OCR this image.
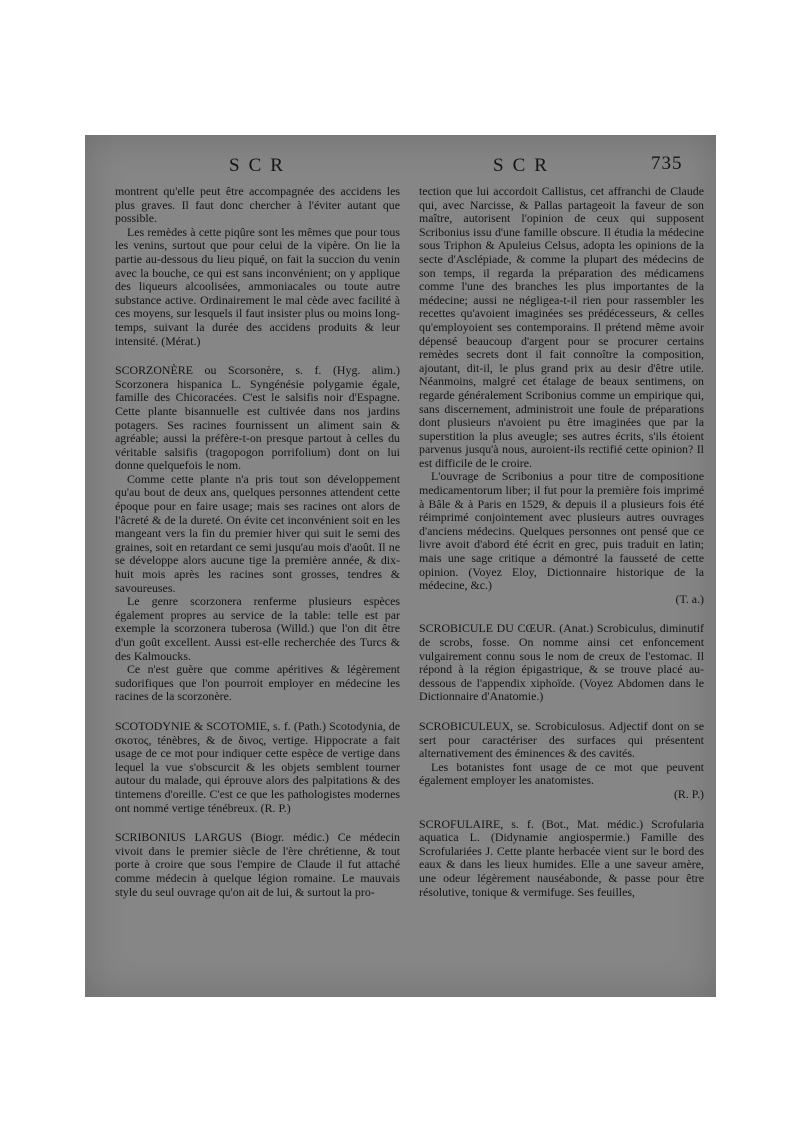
SCR	SCR	735

montrent qu'elle peut être accompagnée des accidens les plus graves. Il faut donc chercher à l'éviter autant que possible.

Les remèdes à cette piqûre sont les mêmes que pour tous les venins, surtout que pour celui de la vipère. On lie la partie au-dessous du lieu piqué, on fait la succion du venin avec la bouche, ce qui est sans inconvénient; on y applique des liqueurs alcoolisées, ammoniacales ou toute autre substance active. Ordinairement le mal cède avec facilité à ces moyens, sur lesquels il faut insister plus ou moins long-temps, suivant la durée des accidens produits & leur intensité. (Mérat.)

SCORZONÈRE ou Scorsonère, s. f. (Hyg. alim.) Scorzonera hispanica L. Syngénésie polygamie égale, famille des Chicoracées. C'est le salsifis noir d'Espagne. Cette plante bisannuelle est cultivée dans nos jardins potagers. Ses racines fournissent un aliment sain & agréable; aussi la préfère-t-on presque partout à celles du véritable salsifis (tragopogon porrifolium) dont on lui donne quelquefois le nom.

Comme cette plante n'a pris tout son développement qu'au bout de deux ans, quelques personnes attendent cette époque pour en faire usage; mais ses racines ont alors de l'âcreté & de la dureté. On évite cet inconvénient soit en les mangeant vers la fin du premier hiver qui suit le semi des graines, soit en retardant ce semi jusqu'au mois d'août. Il ne se développe alors aucune tige la première année, & dix-huit mois après les racines sont grosses, tendres & savoureuses.

Le genre scorzonera renferme plusieurs espèces également propres au service de la table: telle est par exemple la scorzonera tuberosa (Willd.) que l'on dit être d'un goût excellent. Aussi est-elle recherchée des Turcs & des Kalmoucks.

Ce n'est guère que comme apéritives & légèrement sudorifiques que l'on pourroit employer en médecine les racines de la scorzonère.

SCOTODYNIE & SCOTOMIE, s. f. (Path.) Scotodynia, de σκοτος, ténèbres, & de δινος, vertige. Hippocrate a fait usage de ce mot pour indiquer cette espèce de vertige dans lequel la vue s'obscurcit & les objets semblent tourner autour du malade, qui éprouve alors des palpitations & des tintemens d'oreille. C'est ce que les pathologistes modernes ont nommé vertige ténébreux. (R. P.)

SCRIBONIUS LARGUS (Biogr. médic.) Ce médecin vivoit dans le premier siècle de l'ère chrétienne, & tout porte à croire que sous l'empire de Claude il fut attaché comme médecin à quelque légion romaine. Le mauvais style du seul ouvrage qu'on ait de lui, & surtout la pro-

tection que lui accordoit Callistus, cet affranchi de Claude qui, avec Narcisse, & Pallas partageoit la faveur de son maître, autorisent l'opinion de ceux qui supposent Scribonius issu d'une famille obscure. Il étudia la médecine sous Triphon & Apuleius Celsus, adopta les opinions de la secte d'Asclépiade, & comme la plupart des médecins de son temps, il regarda la préparation des médicamens comme l'une des branches les plus importantes de la médecine; aussi ne négligea-t-il rien pour rassembler les recettes qu'avoient imaginées ses prédécesseurs, & celles qu'employoient ses contemporains. Il prétend même avoir dépensé beaucoup d'argent pour se procurer certains remèdes secrets dont il fait connoître la composition, ajoutant, dit-il, le plus grand prix au desir d'être utile. Néanmoins, malgré cet étalage de beaux sentimens, on regarde généralement Scribonius comme un empirique qui, sans discernement, administroit une foule de préparations dont plusieurs n'avoient pu être imaginées que par la superstition la plus aveugle; ses autres écrits, s'ils étoient parvenus jusqu'à nous, auroient-ils rectifié cette opinion? Il est difficile de le croire.

L'ouvrage de Scribonius a pour titre de compositione medicamentorum liber; il fut pour la première fois imprimé à Bâle & à Paris en 1529, & depuis il a plusieurs fois été réimprimé conjointement avec plusieurs autres ouvrages d'anciens médecins. Quelques personnes ont pensé que ce livre avoit d'abord été écrit en grec, puis traduit en latin; mais une sage critique a démontré la fausseté de cette opinion. (Voyez Eloy, Dictionnaire historique de la médecine, &c.)

(T. a.)

SCROBICULE DU CŒUR. (Anat.) Scrobiculus, diminutif de scrobs, fosse. On nomme ainsi cet enfoncement vulgairement connu sous le nom de creux de l'estomac. Il répond à la région épigastrique, & se trouve placé au-dessous de l'appendix xiphoïde. (Voyez Abdomen dans le Dictionnaire d'Anatomie.)

SCROBICULEUX, se. Scrobiculosus. Adjectif dont on se sert pour caractériser des surfaces qui présentent alternativement des éminences & des cavités.

Les botanistes font usage de ce mot que peuvent également employer les anatomistes.

(R. P.)

SCROFULAIRE, s. f. (Bot., Mat. médic.) Scrofularia aquatica L. (Didynamie angiospermie.) Famille des Scrofulariées J. Cette plante herbacée vient sur le bord des eaux & dans les lieux humides. Elle a une saveur amère, une odeur légèrement nauséabonde, & passe pour être résolutive, tonique & vermifuge. Ses feuilles,
